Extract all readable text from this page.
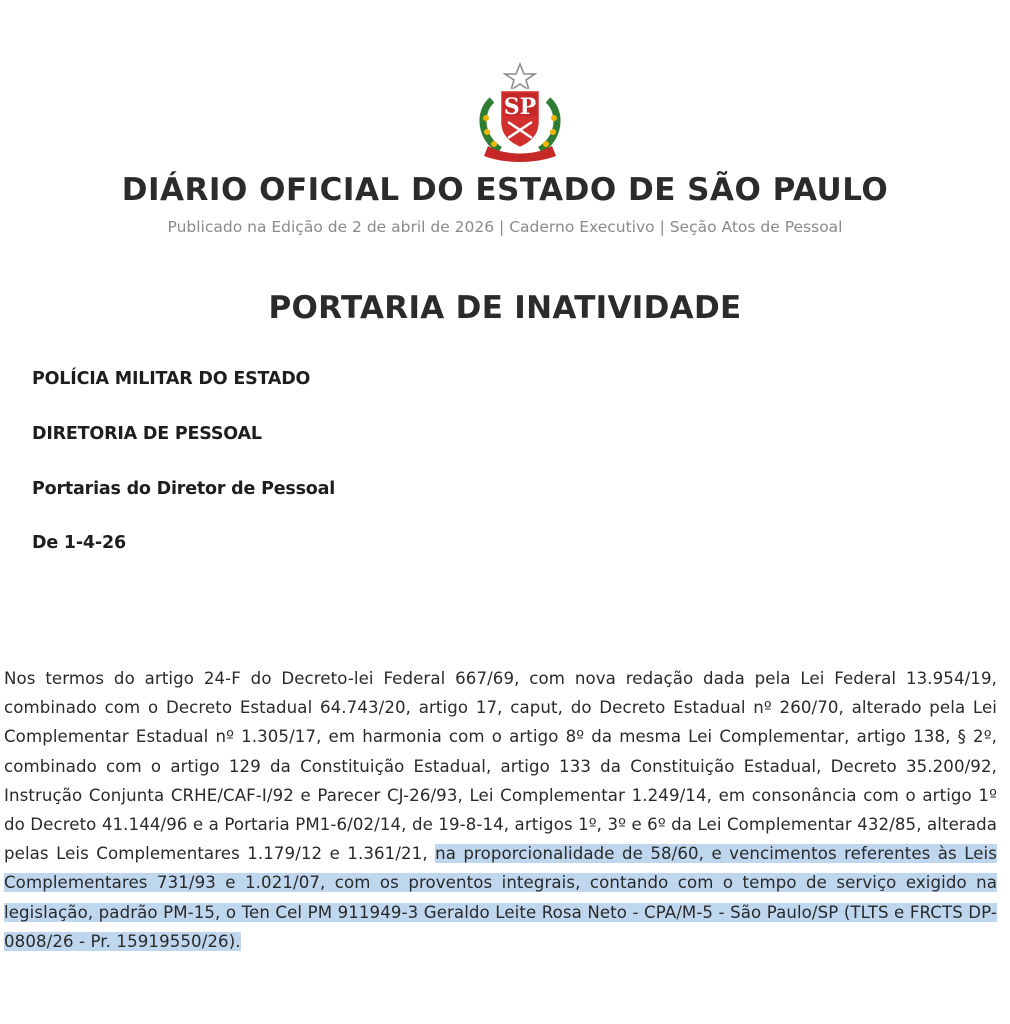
SP
DIÁRIO OFICIAL DO ESTADO DE SÃO PAULO
Publicado na Edição de 2 de abril de 2026 | Caderno Executivo | Seção Atos de Pessoal
PORTARIA DE INATIVIDADE
POLÍCIA MILITAR DO ESTADO
DIRETORIA DE PESSOAL
Portarias do Diretor de Pessoal
De 1-4-26
Nos termos do artigo 24-F do Decreto-lei Federal 667/69, com nova redação dada pela Lei Federal 13.954/19, combinado com o Decreto Estadual 64.743/20, artigo 17, caput, do Decreto Estadual nº 260/70, alterado pela Lei Complementar Estadual nº 1.305/17, em harmonia com o artigo 8º da mesma Lei Complementar, artigo 138, § 2º, combinado com o artigo 129 da Constituição Estadual, artigo 133 da Constituição Estadual, Decreto 35.200/92, Instrução Conjunta CRHE/CAF-I/92 e Parecer CJ-26/93, Lei Complementar 1.249/14, em consonância com o artigo 1º do Decreto 41.144/96 e a Portaria PM1-6/02/14, de 19-8-14, artigos 1º, 3º e 6º da Lei Complementar 432/85, alterada pelas Leis Complementares 1.179/12 e 1.361/21, na proporcionalidade de 58/60, e vencimentos referentes às Leis Complementares 731/93 e 1.021/07, com os proventos integrais, contando com o tempo de serviço exigido na legislação, padrão PM-15, o Ten Cel PM 911949-3 Geraldo Leite Rosa Neto - CPA/M-5 - São Paulo/SP (TLTS e FRCTS DP-0808/26 - Pr. 15919550/26).
